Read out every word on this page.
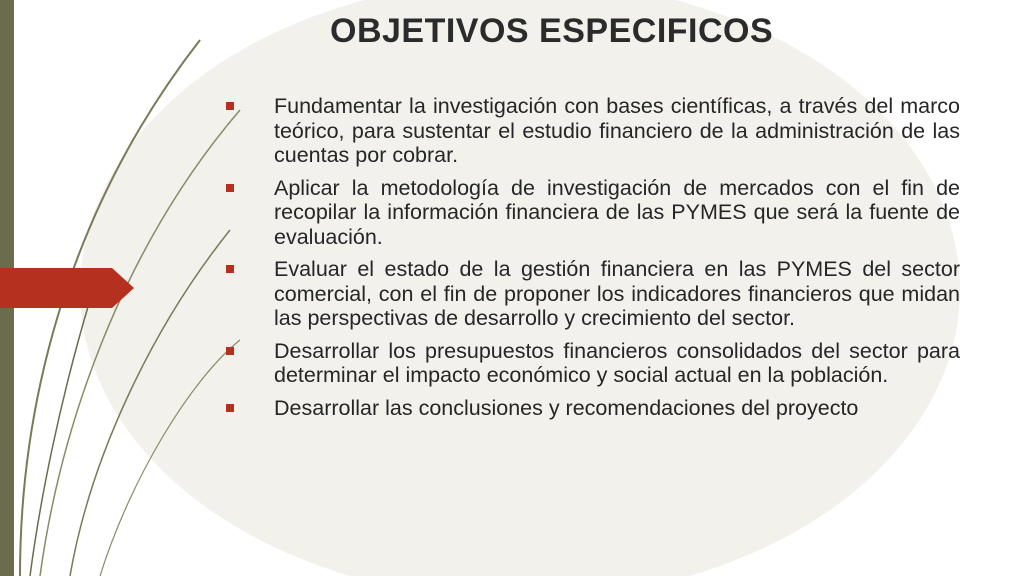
OBJETIVOS ESPECIFICOS
Fundamentar la investigación con bases científicas, a través del marco teórico, para sustentar el estudio financiero de la administración de las cuentas por cobrar.
Aplicar la metodología de investigación de mercados con el fin de recopilar la información financiera de las PYMES que será la fuente de evaluación.
Evaluar el estado de la gestión financiera en las PYMES del sector comercial, con el fin de proponer los indicadores financieros que midan las perspectivas de desarrollo y crecimiento del sector.
Desarrollar los presupuestos financieros consolidados del sector para determinar el impacto económico y social actual en la población.
Desarrollar las conclusiones y recomendaciones del proyecto
